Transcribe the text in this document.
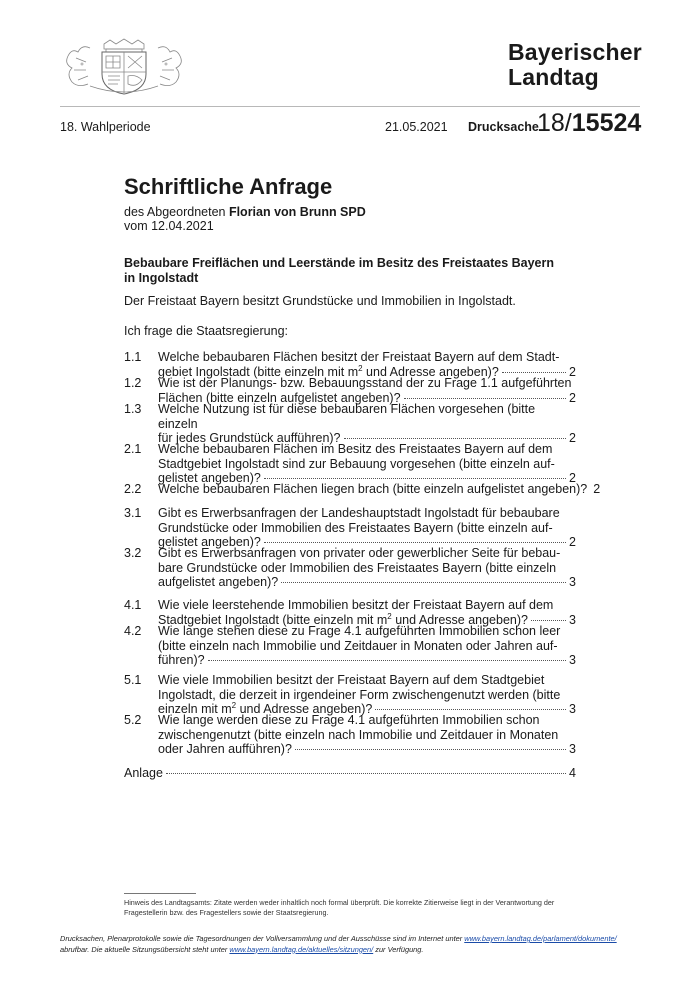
Bayerischer
Landtag
18. Wahlperiode	21.05.2021 Drucksache
18/15524
Schriftliche Anfrage
des Abgeordneten Florian von Brunn SPD
vom 12.04.2021
Bebaubare Freiflächen und Leerstände im Besitz des Freistaates Bayern in Ingolstadt
Der Freistaat Bayern besitzt Grundstücke und Immobilien in Ingolstadt.
Ich frage die Staatsregierung:
1.1 Welche bebaubaren Flächen besitzt der Freistaat Bayern auf dem Stadt-
gebiet Ingolstadt (bitte einzeln mit $m^2$ und Adresse angeben)?	2
1.2 Wie ist der Planungs- bzw. Bebauungsstand der zu Frage 1.1 aufgeführten
Flächen (bitte einzeln aufgelistet angeben)?	2
1.3 Welche Nutzung ist für diese bebaubaren Flächen vorgesehen (bitte einzeln
für jedes Grundstück aufführen)?	2
2.1 Welche bebaubaren Flächen im Besitz des Freistaates Bayern auf dem
Stadtgebiet Ingolstadt sind zur Bebauung vorgesehen (bitte einzeln auf-
gelistet angeben)?	2
2.2 Welche bebaubaren Flächen liegen brach (bitte einzeln aufgelistet angeben)? 2
3.1 Gibt es Erwerbsanfragen der Landeshauptstadt Ingolstadt für bebaubare
Grundstücke oder Immobilien des Freistaates Bayern (bitte einzeln auf-
gelistet angeben)?	2
3.2 Gibt es Erwerbsanfragen von privater oder gewerblicher Seite für bebau-
bare Grundstücke oder Immobilien des Freistaates Bayern (bitte einzeln
aufgelistet angeben)?	3
4.1 Wie viele leerstehende Immobilien besitzt der Freistaat Bayern auf dem
Stadtgebiet Ingolstadt (bitte einzeln mit $m^2$ und Adresse angeben)?	3
4.2 Wie lange stehen diese zu Frage 4.1 aufgeführten Immobilien schon leer
(bitte einzeln nach Immobilie und Zeitdauer in Monaten oder Jahren auf-
führen)?	3
5.1 Wie viele Immobilien besitzt der Freistaat Bayern auf dem Stadtgebiet
Ingolstadt, die derzeit in irgendeiner Form zwischengenutzt werden (bitte
einzeln mit $m^2$ und Adresse angeben)?	3
5.2 Wie lange werden diese zu Frage 4.1 aufgeführten Immobilien schon
zwischengenutzt (bitte einzeln nach Immobilie und Zeitdauer in Monaten
oder Jahren aufführen)?	3
Anlage	4
Hinweis des Landtagsamts: Zitate werden weder inhaltlich noch formal überprüft. Die korrekte Zitierweise liegt in der Verantwortung der Fragestellerin bzw. des Fragestellers sowie der Staatsregierung.
Drucksachen, Plenarprotokolle sowie die Tagesordnungen der Vollversammlung und der Ausschüsse sind im Internet unter www.bayern.landtag.de/parlament/dokumente/ abrufbar. Die aktuelle Sitzungsübersicht steht unter www.bayern.landtag.de/aktuelles/sitzungen/ zur Verfügung.
